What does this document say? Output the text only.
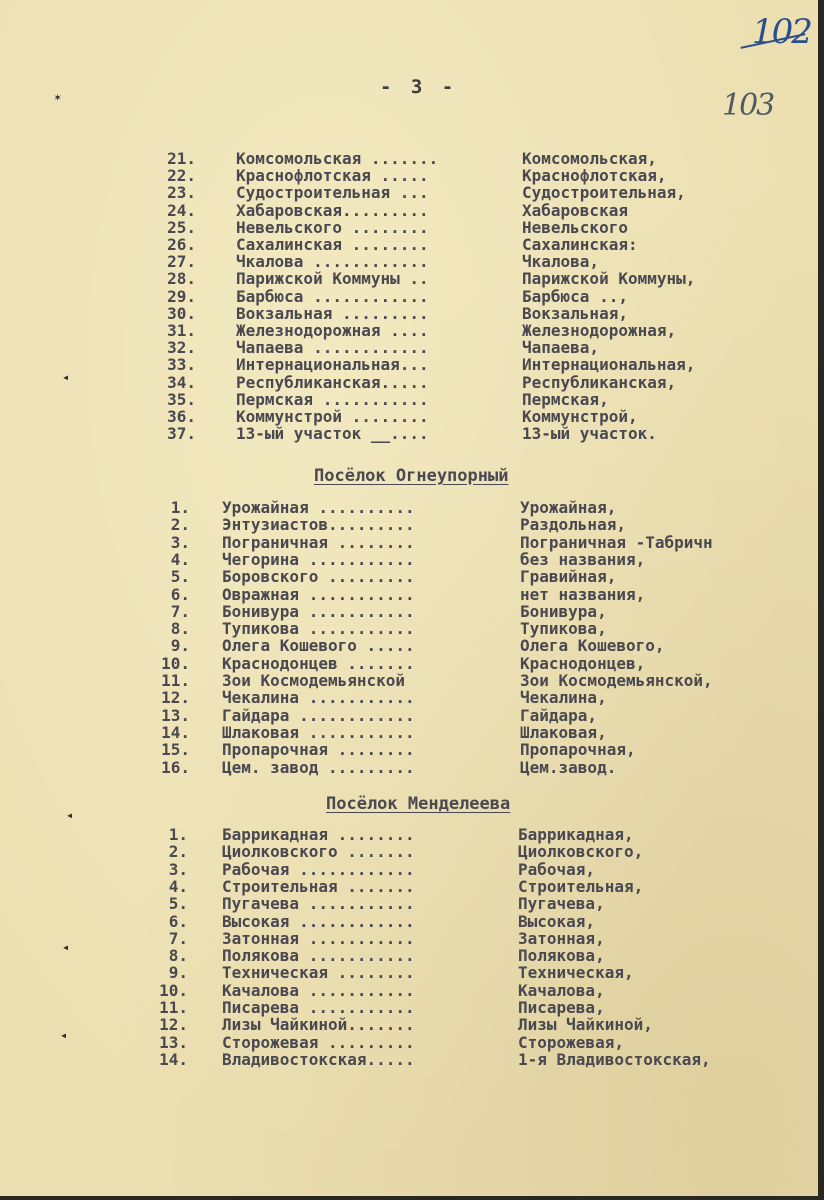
102
103
- 3 -
✶
◂
◂
◂
◂
21.	Комсомольская .......	Комсомольская,
22.	Краснофлотская .....	Краснофлотская,
23.	Судостроительная ...	Судостроительная,
24.	Хабаровская.........	Хабаровская
25.	Невельского ........	Невельского
26.	Сахалинская ........	Сахалинская:
27.	Чкалова ............	Чкалова,
28.	Парижской Коммуны ..	Парижской Коммуны,
29.	Барбюса ............	Барбюса ..,
30.	Вокзальная .........	Вокзальная,
31.	Железнодорожная ....	Железнодорожная,
32.	Чапаева ............	Чапаева,
33.	Интернациональная...	Интернациональная,
34.	Республиканская.....	Республиканская,
35.	Пермская ...........	Пермская,
36.	Коммунстрой ........	Коммунстрой,
37.	13-ый участок __....	13-ый участок.
Посёлок Огнеупорный
1. Урожайная ..........	Урожайная,
2. Энтузиастов.........	Раздольная,
3. Пограничная ........	Пограничная -Табричн
4. Чегорина ...........	без названия,
5. Боровского .........	Гравийная,
6. Овражная ...........	нет названия,
7. Бонивура ...........	Бонивура,
8. Тупикова ...........	Тупикова,
9. Олега Кошевого .....	Олега Кошевого,
10. Краснодонцев .......	Краснодонцев,
11. Зои Космодемьянской	Зои Космодемьянской,
12. Чекалина ...........	Чекалина,
13. Гайдара ............	Гайдара,
14. Шлаковая ...........	Шлаковая,
15. Пропарочная ........	Пропарочная,
16. Цем. завод .........	Цем.завод.
Посёлок Менделеева
1. Баррикадная ........	Баррикадная,
2. Циолковского .......	Циолковского,
3. Рабочая ............	Рабочая,
4. Строительная .......	Строительная,
5. Пугачева ...........	Пугачева,
6. Высокая ............	Высокая,
7. Затонная ...........	Затонная,
8. Полякова ...........	Полякова,
9. Техническая ........	Техническая,
10. Качалова ...........	Качалова,
11. Писарева ...........	Писарева,
12. Лизы Чайкиной.......	Лизы Чайкиной,
13. Сторожевая .........	Сторожевая,
14. Владивостокская.....	1-я Владивостокская,
